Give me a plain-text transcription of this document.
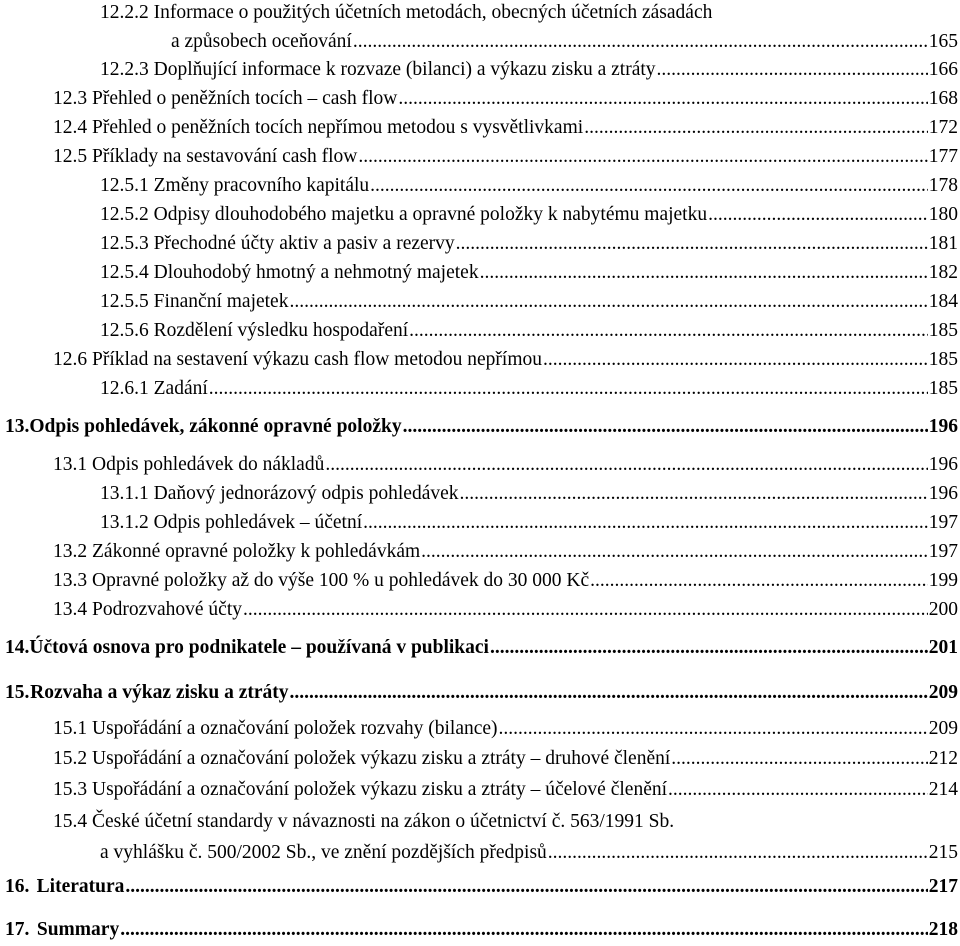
12.2.2 Informace o použitých účetních metodách, obecných účetních zásadách
a způsobech oceňování .....	165
12.2.3 Doplňující informace k rozvaze (bilanci) a výkazu zisku a ztráty .....	166
12.3 Přehled o peněžních tocích – cash flow .....	168
12.4 Přehled o peněžních tocích nepřímou metodou s vysvětlivkami .....	172
12.5 Příklady na sestavování cash flow .....	177
12.5.1 Změny pracovního kapitálu .....	178
12.5.2 Odpisy dlouhodobého majetku a opravné položky k nabytému majetku .....	180
12.5.3 Přechodné účty aktiv a pasiv a rezervy .....	181
12.5.4 Dlouhodobý hmotný a nehmotný majetek .....	182
12.5.5 Finanční majetek .....	184
12.5.6 Rozdělení výsledku hospodaření .....	185
12.6 Příklad na sestavení výkazu cash flow metodou nepřímou .....	185
12.6.1 Zadání .....	185
13. Odpis pohledávek, zákonné opravné položky .....	196
13.1 Odpis pohledávek do nákladů .....	196
13.1.1 Daňový jednorázový odpis pohledávek .....	196
13.1.2 Odpis pohledávek – účetní .....	197
13.2 Zákonné opravné položky k pohledávkám .....	197
13.3 Opravné položky až do výše 100 % u pohledávek do 30 000 Kč .....	199
13.4 Podrozvahové účty .....	200
14. Účtová osnova pro podnikatele – používaná v publikaci .....	201
15. Rozvaha a výkaz zisku a ztráty .....	209
15.1 Uspořádání a označování položek rozvahy (bilance) .....	209
15.2 Uspořádání a označování položek výkazu zisku a ztráty – druhové členění .....	212
15.3 Uspořádání a označování položek výkazu zisku a ztráty – účelové členění .....	214
15.4 České účetní standardy v návaznosti na zákon o účetnictví č. 563/1991 Sb.
a vyhlášku č. 500/2002 Sb., ve znění pozdějších předpisů .....	215
16. Literatura .....	217
17. Summary .....	218
